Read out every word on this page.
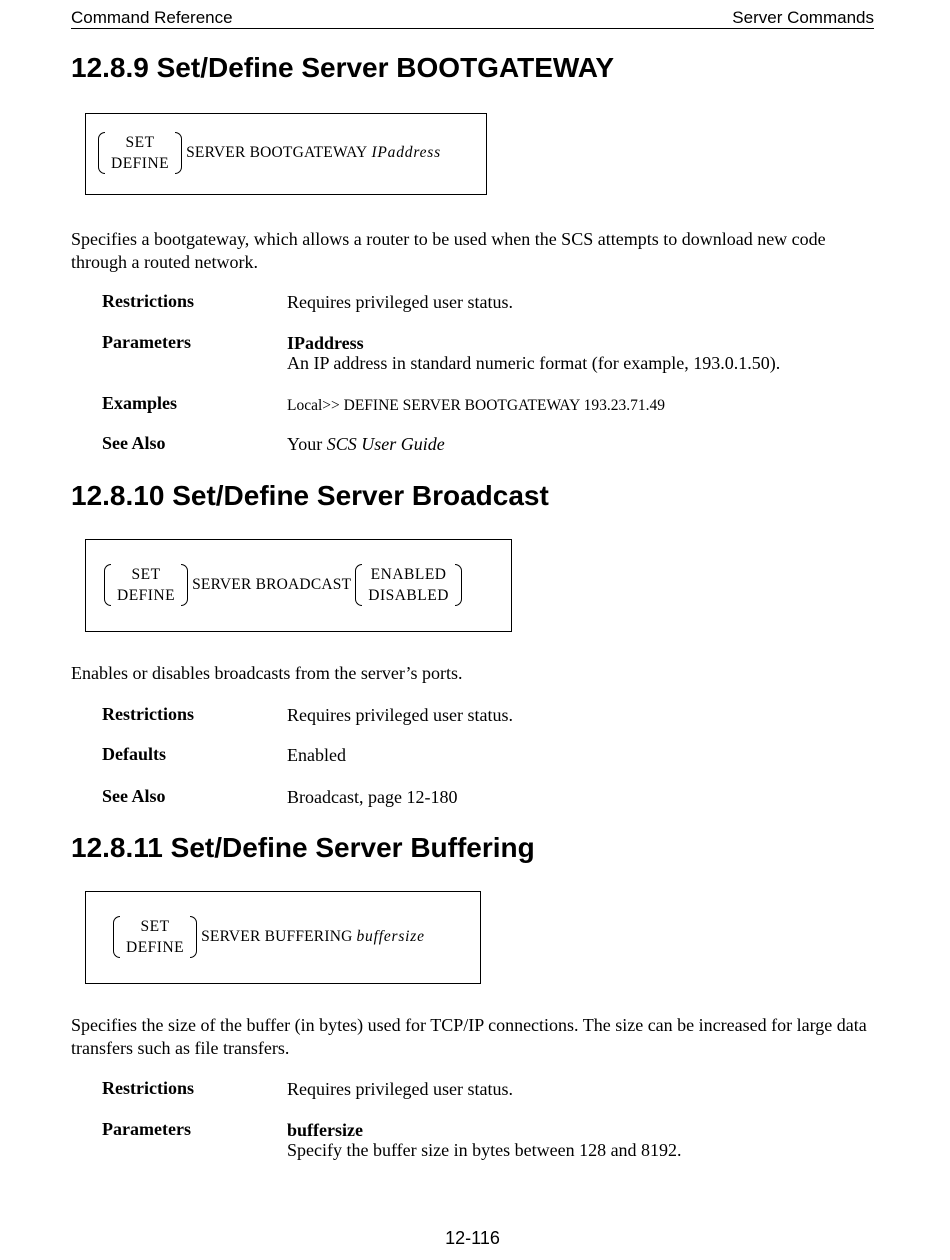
Command Reference	Server Commands
12.8.9 Set/Define Server BOOTGATEWAY
SET
DEFINE
SERVER BOOTGATEWAY IPaddress

Specifies a bootgateway, which allows a router to be used when the SCS attempts to download new code through a routed network.

Restrictions	Requires privileged user status.
Parameters	IPaddress
An IP address in standard numeric format (for example, 193.0.1.50).
Examples	Local>> DEFINE SERVER BOOTGATEWAY 193.23.71.49
See Also	Your SCS User Guide
12.8.10 Set/Define Server Broadcast
SET
DEFINE
SERVER BROADCAST
ENABLED
DISABLED

Enables or disables broadcasts from the server’s ports.

Restrictions	Requires privileged user status.
Defaults	Enabled
See Also	Broadcast, page 12-180
12.8.11 Set/Define Server Buffering
SET
DEFINE
SERVER BUFFERING buffersize

Specifies the size of the buffer (in bytes) used for TCP/IP connections. The size can be increased for large data transfers such as file transfers.

Restrictions	Requires privileged user status.
Parameters	buffersize
Specify the buffer size in bytes between 128 and 8192.
12-116
